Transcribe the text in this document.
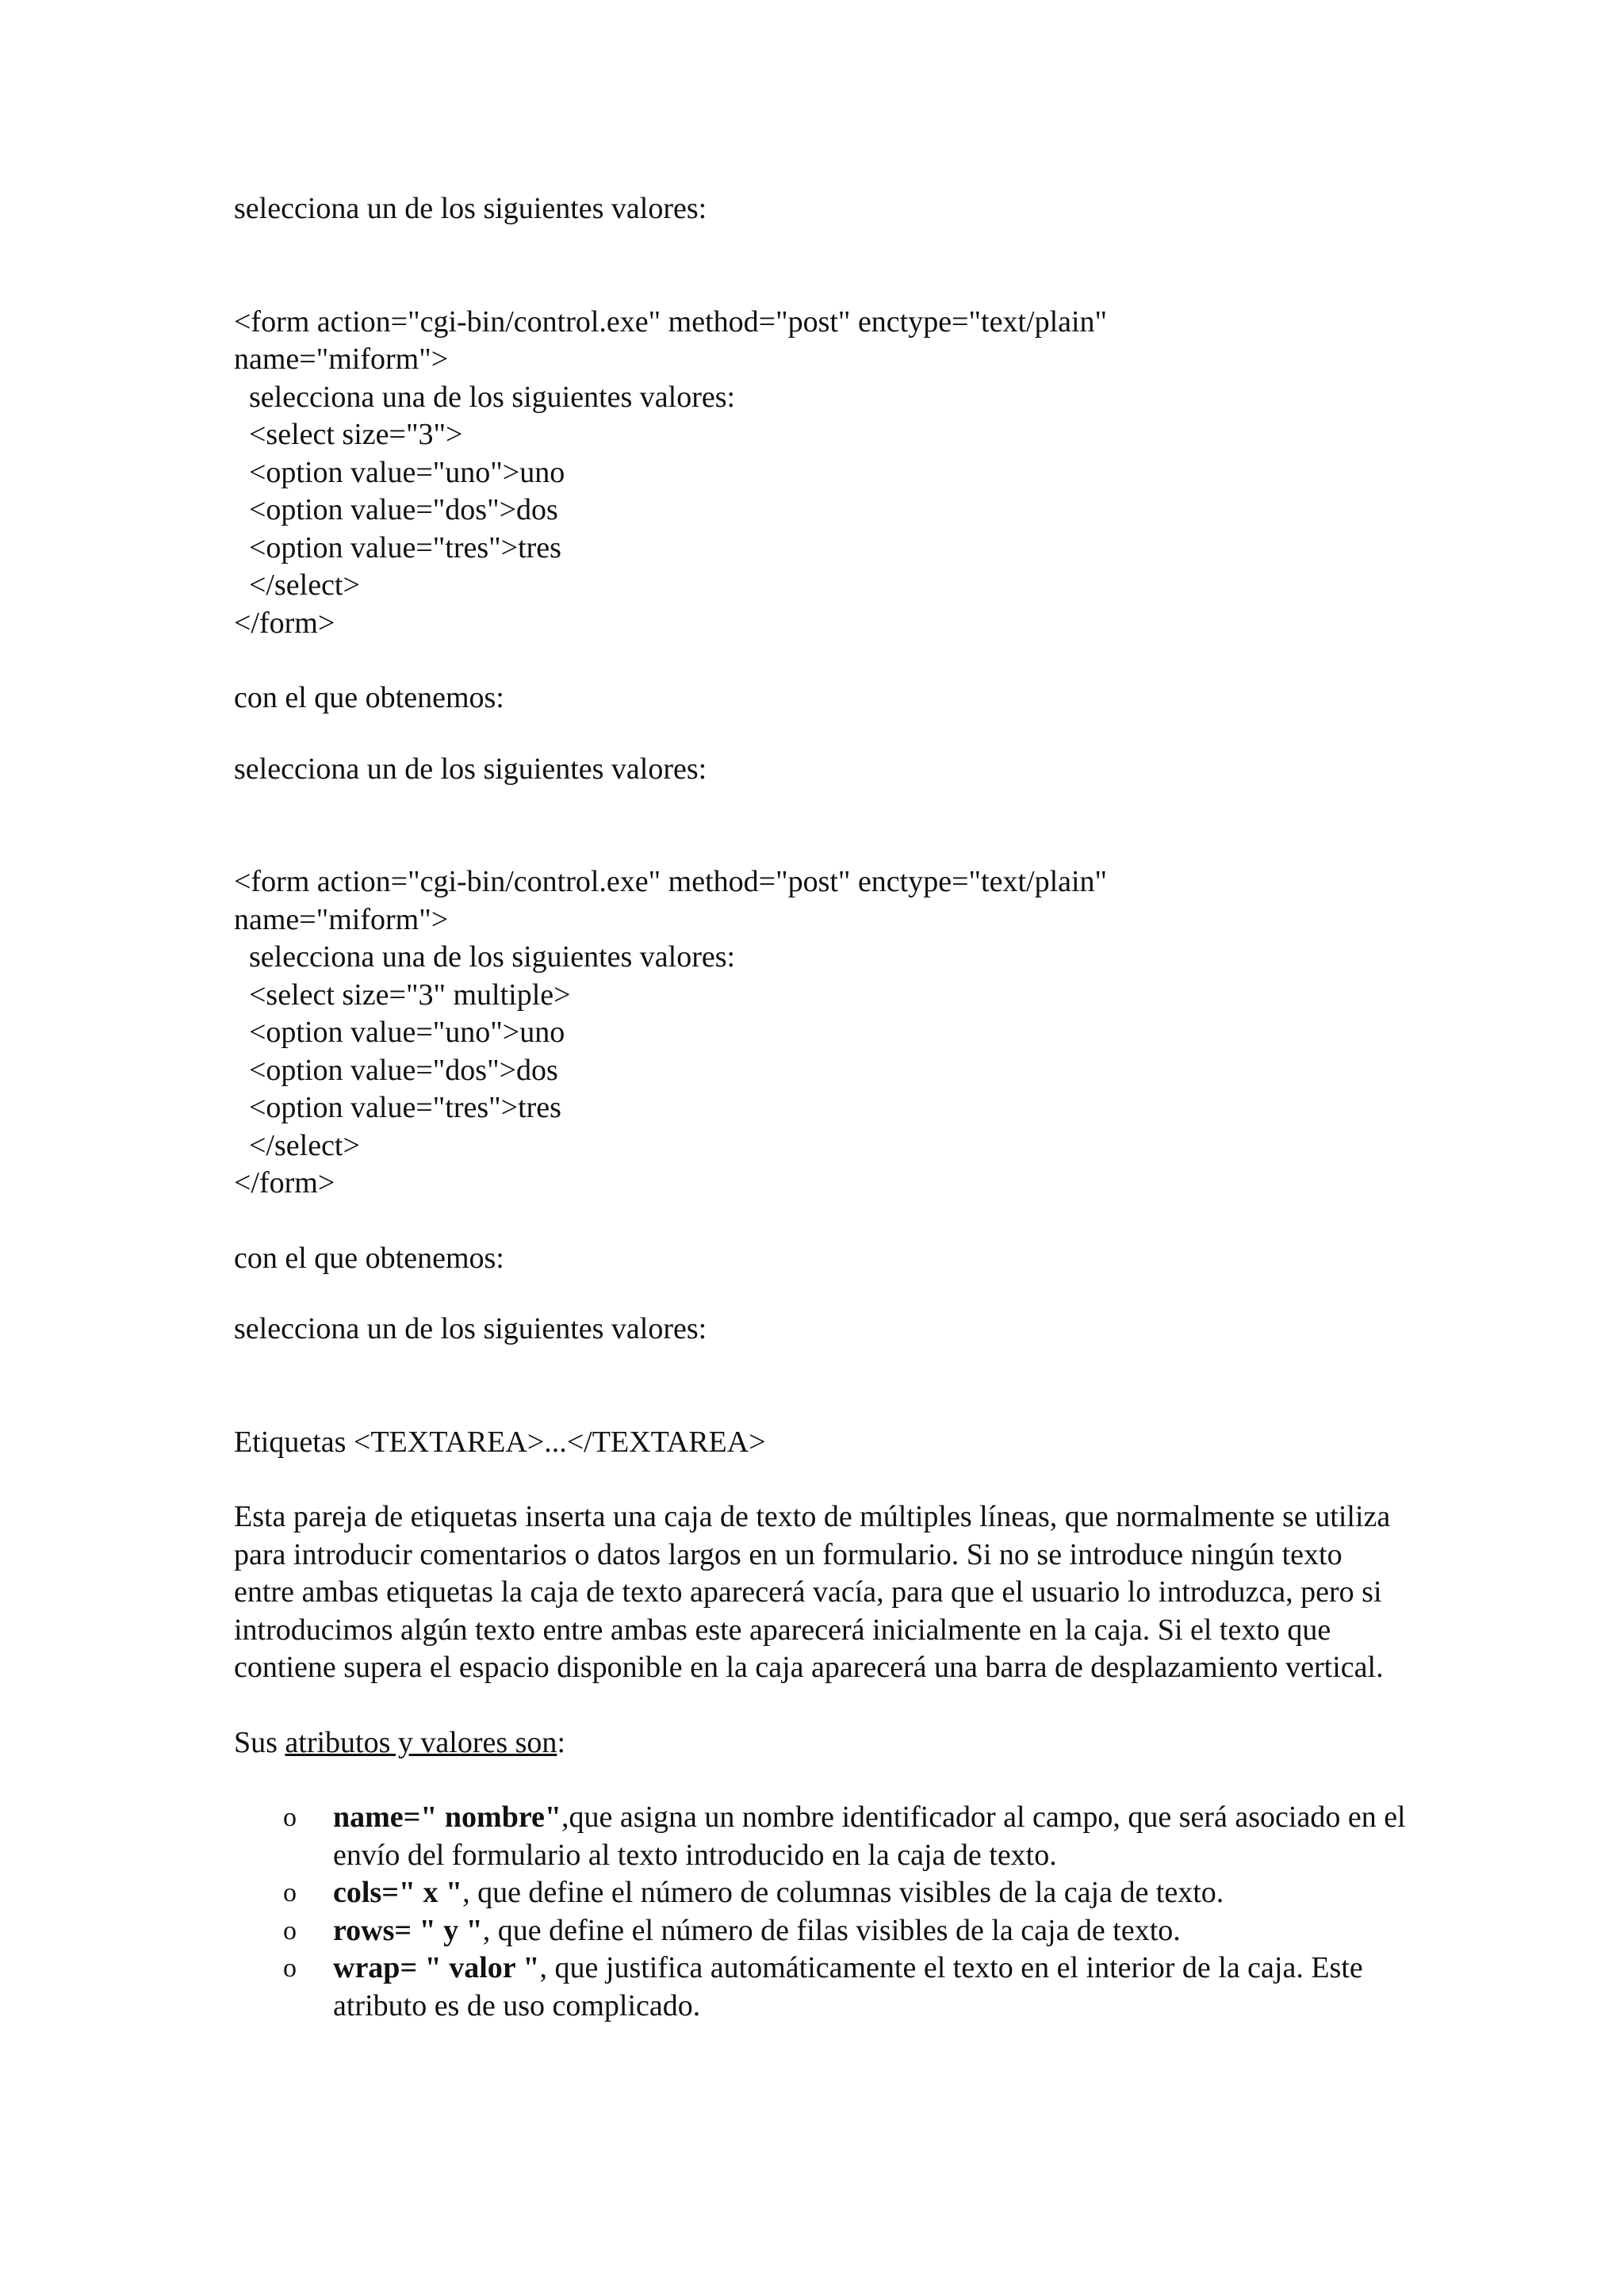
selecciona un de los siguientes valores:

<form action="cgi-bin/control.exe" method="post" enctype="text/plain"
name="miform">
selecciona una de los siguientes valores:
<select size="3">
<option value="uno">uno
<option value="dos">dos
<option value="tres">tres
</select>
</form>

con el que obtenemos:

selecciona un de los siguientes valores:

<form action="cgi-bin/control.exe" method="post" enctype="text/plain"
name="miform">
selecciona una de los siguientes valores:
<select size="3" multiple>
<option value="uno">uno
<option value="dos">dos
<option value="tres">tres
</select>
</form>

con el que obtenemos:

selecciona un de los siguientes valores:

Etiquetas <TEXTAREA>...</TEXTAREA>

Esta pareja de etiquetas inserta una caja de texto de múltiples líneas, que normalmente se utiliza para introducir comentarios o datos largos en un formulario. Si no se introduce ningún texto entre ambas etiquetas la caja de texto aparecerá vacía, para que el usuario lo introduzca, pero si introducimos algún texto entre ambas este aparecerá inicialmente en la caja. Si el texto que contiene supera el espacio disponible en la caja aparecerá una barra de desplazamiento vertical.

Sus atributos y valores son:

o name=" nombre",que asigna un nombre identificador al campo, que será asociado en el envío del formulario al texto introducido en la caja de texto.
o cols=" x ", que define el número de columnas visibles de la caja de texto.
o rows= " y ", que define el número de filas visibles de la caja de texto.
o wrap= " valor ", que justifica automáticamente el texto en el interior de la caja. Este atributo es de uso complicado.
